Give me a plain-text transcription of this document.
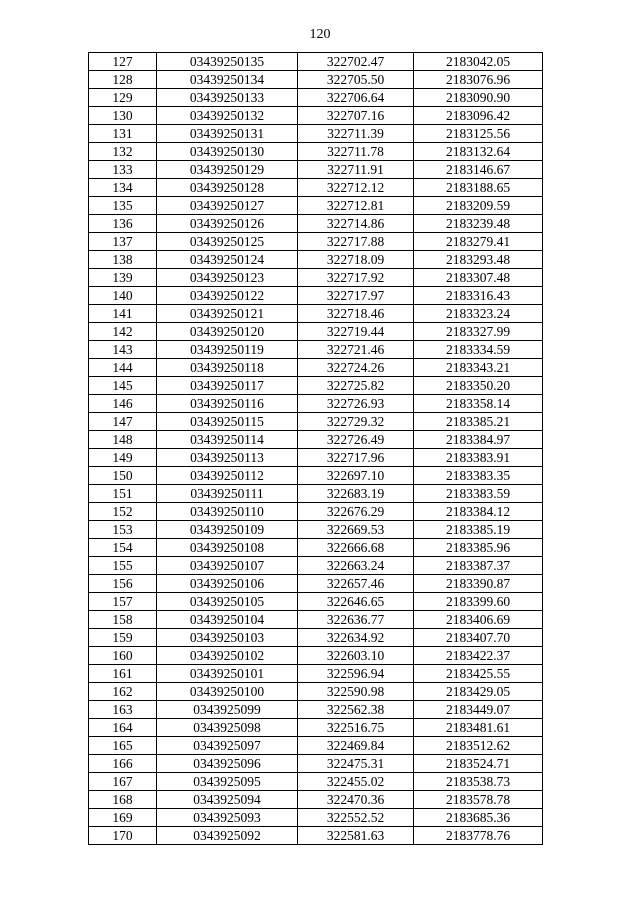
120
127	03439250135	322702.47	2183042.05
128	03439250134	322705.50	2183076.96
129	03439250133	322706.64	2183090.90
130	03439250132	322707.16	2183096.42
131	03439250131	322711.39	2183125.56
132	03439250130	322711.78	2183132.64
133	03439250129	322711.91	2183146.67
134	03439250128	322712.12	2183188.65
135	03439250127	322712.81	2183209.59
136	03439250126	322714.86	2183239.48
137	03439250125	322717.88	2183279.41
138	03439250124	322718.09	2183293.48
139	03439250123	322717.92	2183307.48
140	03439250122	322717.97	2183316.43
141	03439250121	322718.46	2183323.24
142	03439250120	322719.44	2183327.99
143	03439250119	322721.46	2183334.59
144	03439250118	322724.26	2183343.21
145	03439250117	322725.82	2183350.20
146	03439250116	322726.93	2183358.14
147	03439250115	322729.32	2183385.21
148	03439250114	322726.49	2183384.97
149	03439250113	322717.96	2183383.91
150	03439250112	322697.10	2183383.35
151	03439250111	322683.19	2183383.59
152	03439250110	322676.29	2183384.12
153	03439250109	322669.53	2183385.19
154	03439250108	322666.68	2183385.96
155	03439250107	322663.24	2183387.37
156	03439250106	322657.46	2183390.87
157	03439250105	322646.65	2183399.60
158	03439250104	322636.77	2183406.69
159	03439250103	322634.92	2183407.70
160	03439250102	322603.10	2183422.37
161	03439250101	322596.94	2183425.55
162	03439250100	322590.98	2183429.05
163	0343925099	322562.38	2183449.07
164	0343925098	322516.75	2183481.61
165	0343925097	322469.84	2183512.62
166	0343925096	322475.31	2183524.71
167	0343925095	322455.02	2183538.73
168	0343925094	322470.36	2183578.78
169	0343925093	322552.52	2183685.36
170	0343925092	322581.63	2183778.76
